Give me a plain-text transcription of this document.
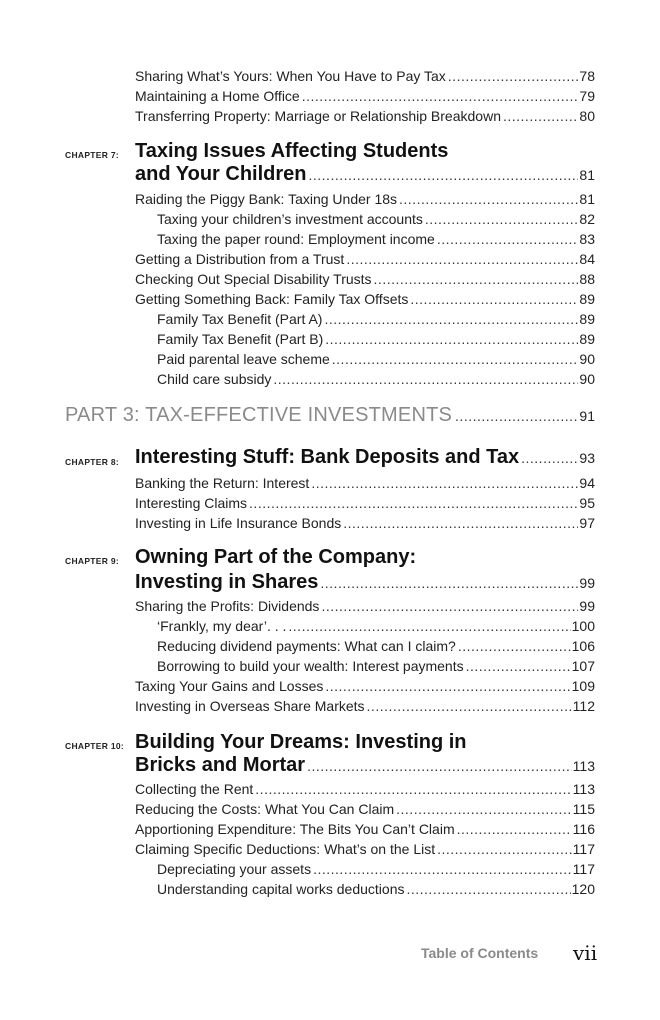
Sharing What’s Yours: When You Have to Pay Tax .....	78
Maintaining a Home Office .....	79
Transferring Property: Marriage or Relationship Breakdown .....	80
CHAPTER 7: Taxing Issues Affecting Students
and Your Children .....	81
Raiding the Piggy Bank: Taxing Under 18s .....	81
Taxing your children’s investment accounts .....	82
Taxing the paper round: Employment income .....	83
Getting a Distribution from a Trust .....	84
Checking Out Special Disability Trusts .....	88
Getting Something Back: Family Tax Offsets .....	89
Family Tax Benefit (Part A) .....	89
Family Tax Benefit (Part B) .....	89
Paid parental leave scheme .....	90
Child care subsidy .....	90
PART 3: TAX-EFFECTIVE INVESTMENTS .....	91
CHAPTER 8: Interesting Stuff: Bank Deposits and Tax .....	93
Banking the Return: Interest .....	94
Interesting Claims .....	95
Investing in Life Insurance Bonds .....	97
CHAPTER 9: Owning Part of the Company:
Investing in Shares .....	99
Sharing the Profits: Dividends .....	99
‘Frankly, my dear’. . . .....	100
Reducing dividend payments: What can I claim? .....	106
Borrowing to build your wealth: Interest payments .....	107
Taxing Your Gains and Losses .....	109
Investing in Overseas Share Markets .....	112
CHAPTER 10: Building Your Dreams: Investing in
Bricks and Mortar .....	113
Collecting the Rent .....	113
Reducing the Costs: What You Can Claim .....	115
Apportioning Expenditure: The Bits You Can’t Claim .....	116
Claiming Specific Deductions: What’s on the List .....	117
Depreciating your assets .....	117
Understanding capital works deductions .....	120
Table of Contents vii
